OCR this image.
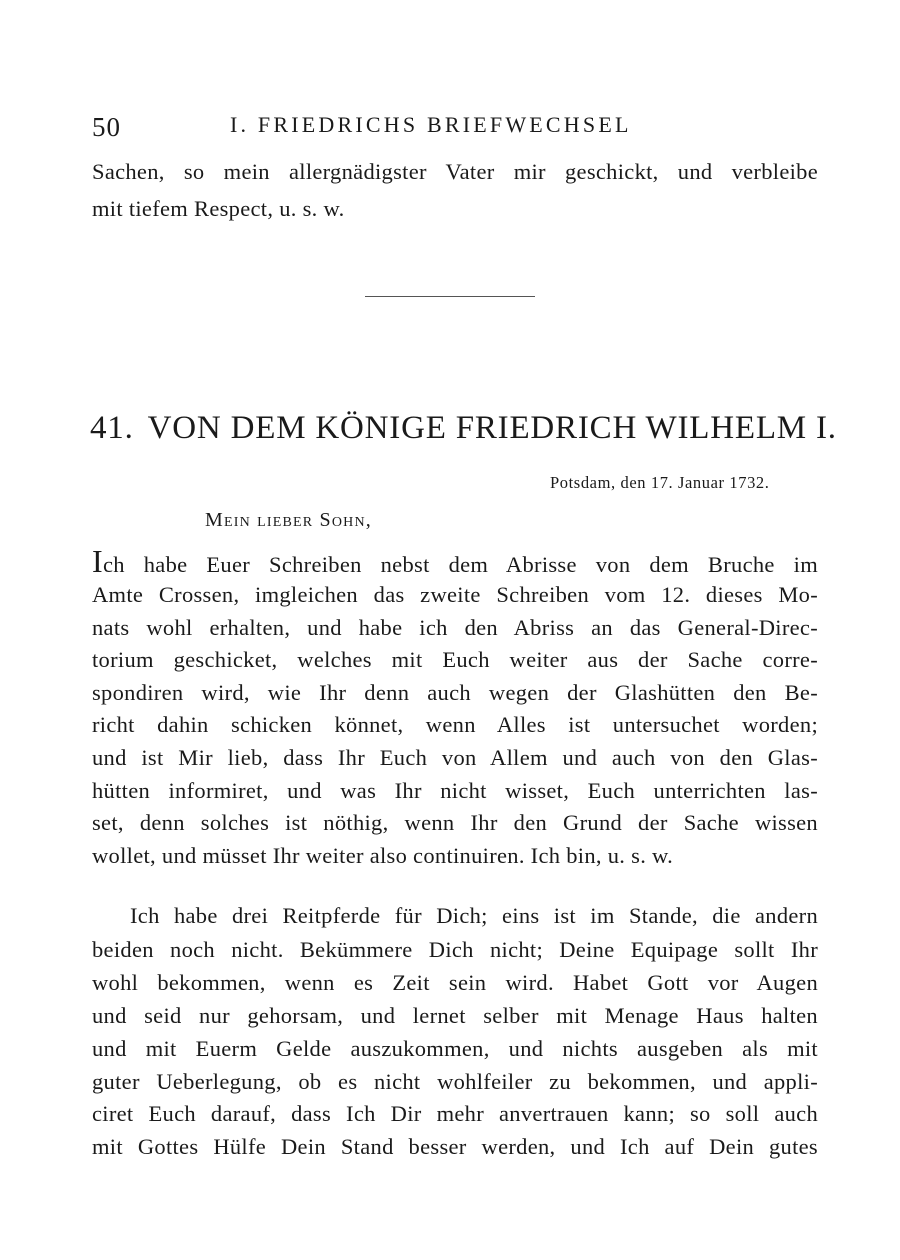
50	I. FRIEDRICHS BRIEFWECHSEL
Sachen, so mein allergnädigster Vater mir geschickt, und verbleibe
mit tiefem Respect, u. s. w.
41. VON DEM KÖNIGE FRIEDRICH WILHELM I.
Potsdam, den 17. Januar 1732.
Mein lieber Sohn,
Ich habe Euer Schreiben nebst dem Abrisse von dem Bruche im
Amte Crossen, imgleichen das zweite Schreiben vom 12. dieses Mo-
nats wohl erhalten, und habe ich den Abriss an das General-Direc-
torium geschicket, welches mit Euch weiter aus der Sache corre-
spondiren wird, wie Ihr denn auch wegen der Glashütten den Be-
richt dahin schicken könnet, wenn Alles ist untersuchet worden;
und ist Mir lieb, dass Ihr Euch von Allem und auch von den Glas-
hütten informiret, und was Ihr nicht wisset, Euch unterrichten las-
set, denn solches ist nöthig, wenn Ihr den Grund der Sache wissen
wollet, und müsset Ihr weiter also continuiren. Ich bin, u. s. w.
Ich habe drei Reitpferde für Dich; eins ist im Stande, die andern
beiden noch nicht. Bekümmere Dich nicht; Deine Equipage sollt Ihr
wohl bekommen, wenn es Zeit sein wird. Habet Gott vor Augen
und seid nur gehorsam, und lernet selber mit Menage Haus halten
und mit Euerm Gelde auszukommen, und nichts ausgeben als mit
guter Ueberlegung, ob es nicht wohlfeiler zu bekommen, und appli-
ciret Euch darauf, dass Ich Dir mehr anvertrauen kann; so soll auch
mit Gottes Hülfe Dein Stand besser werden, und Ich auf Dein gutes
